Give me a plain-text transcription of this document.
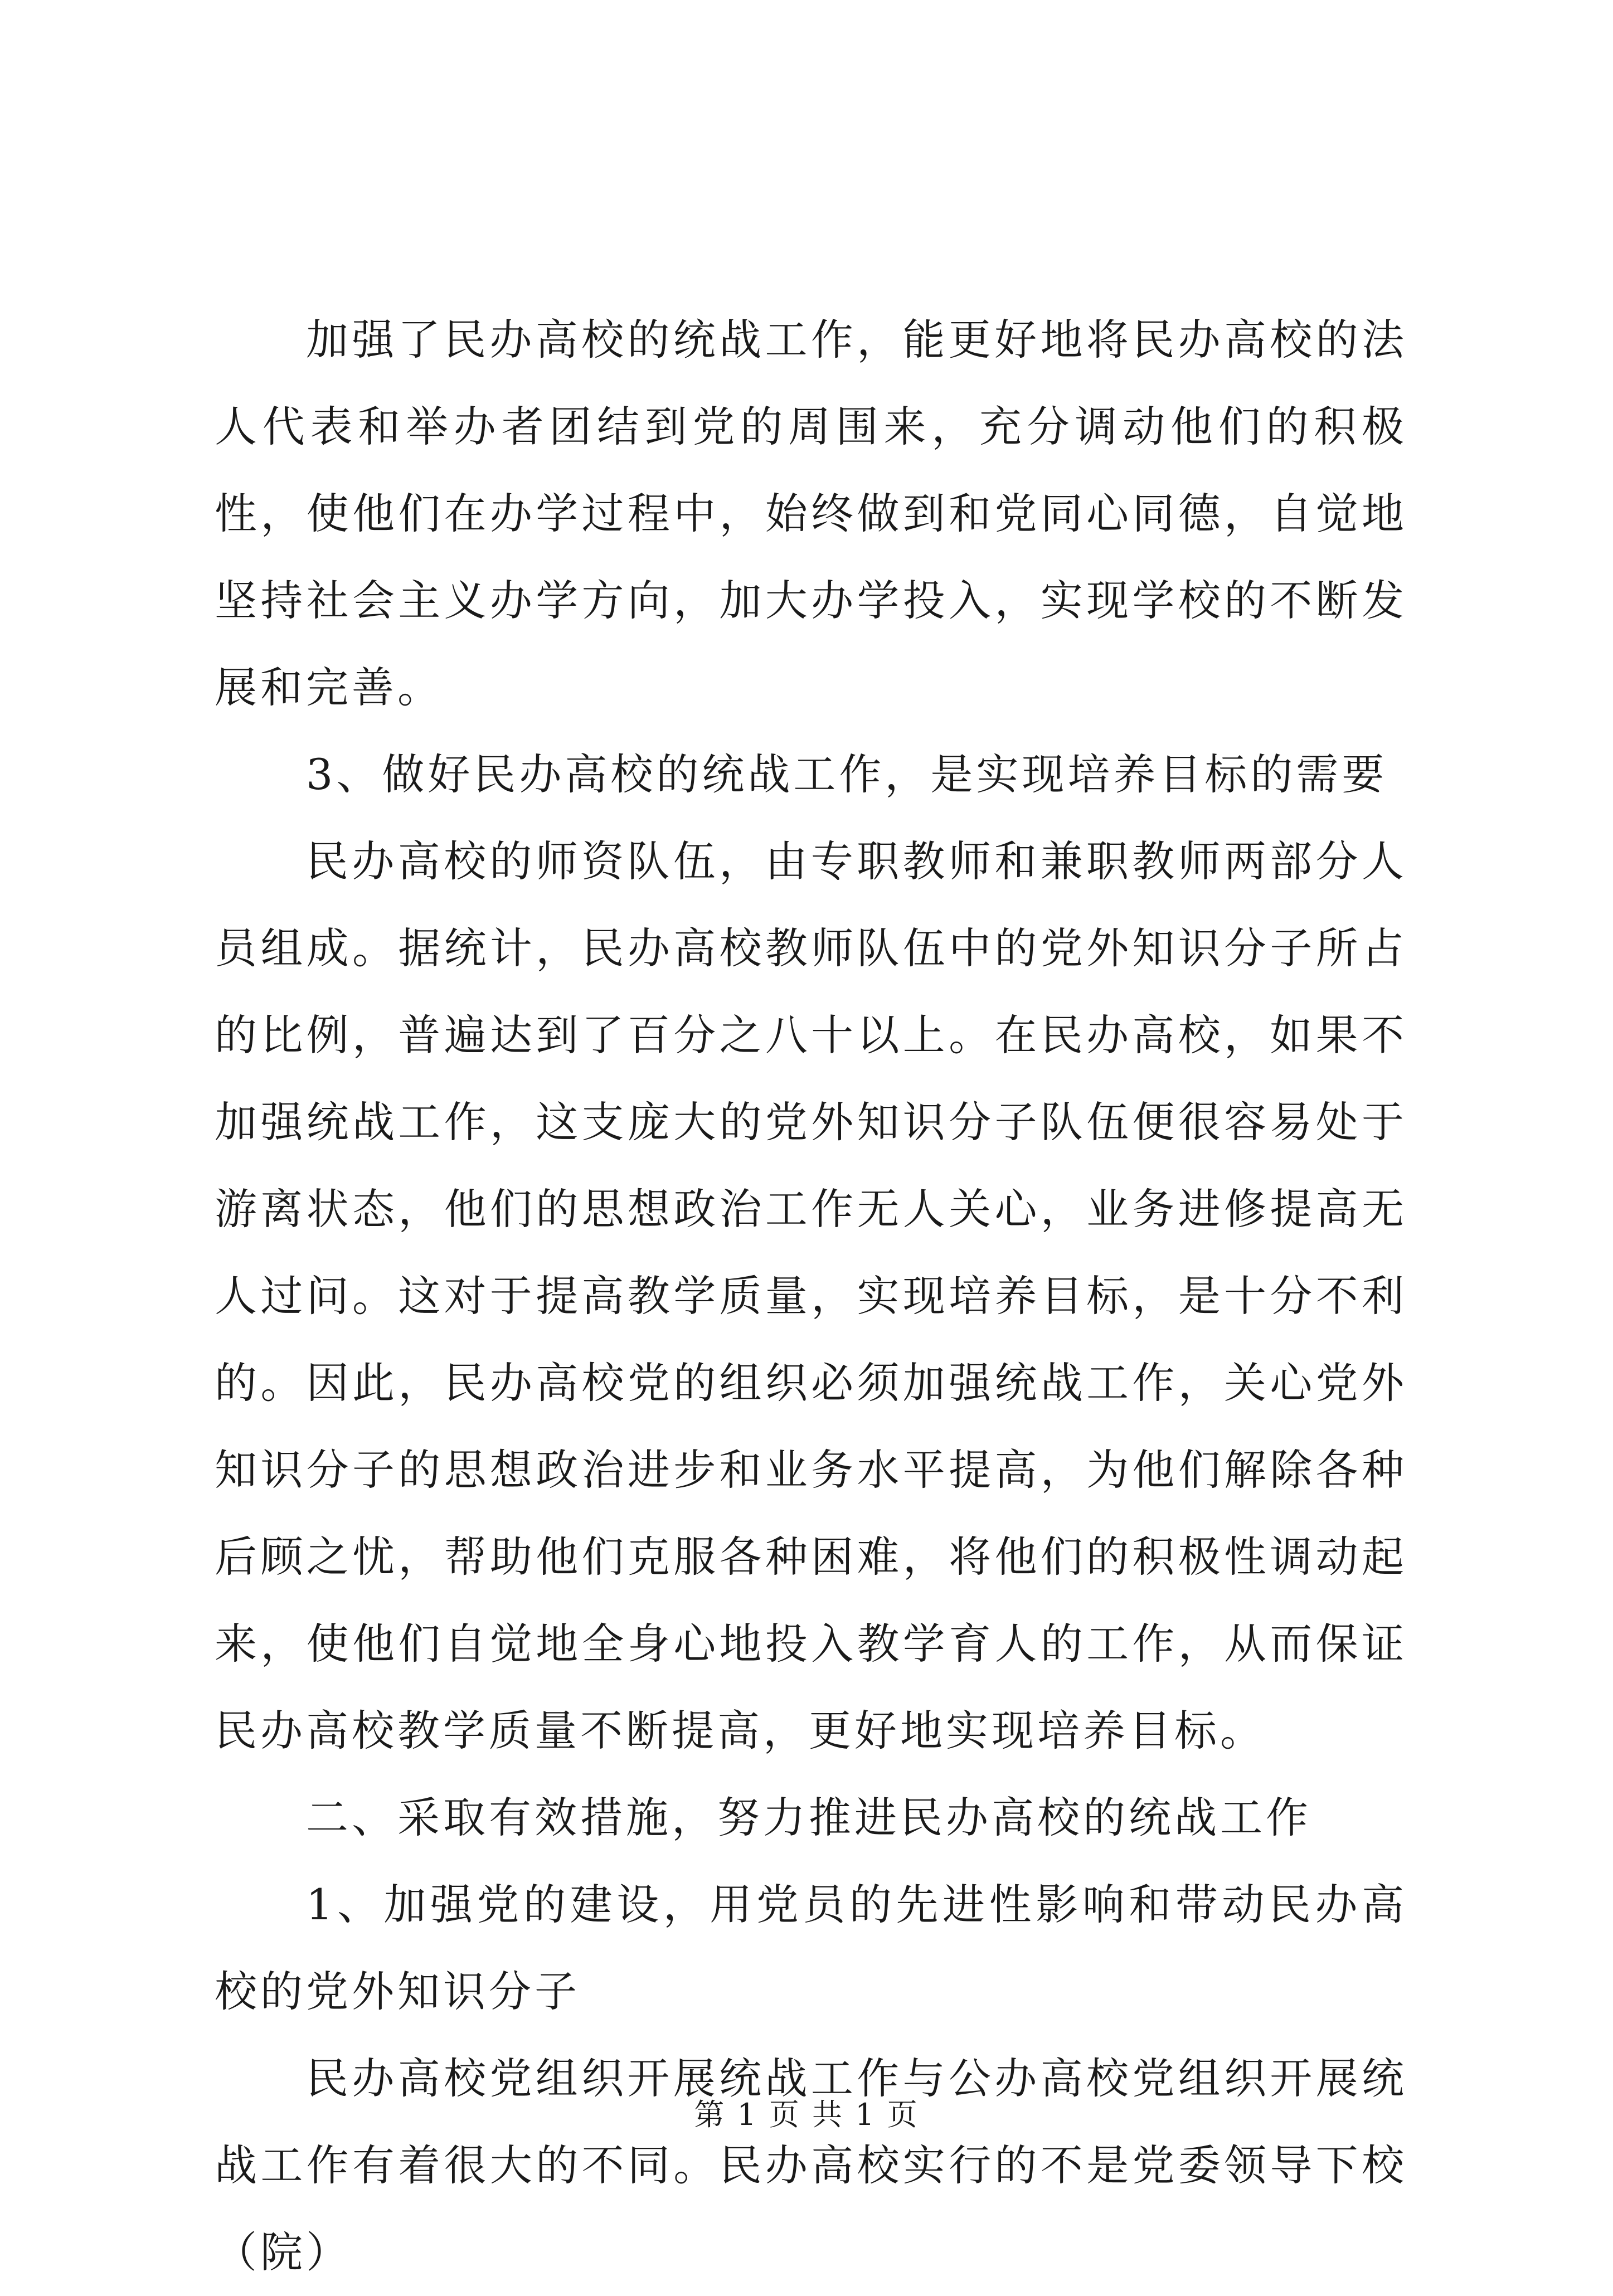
加强了民办高校的统战工作，能更好地将民办高校的法人代表和举办者团结到党的周围来，充分调动他们的积极性，使他们在办学过程中，始终做到和党同心同德，自觉地坚持社会主义办学方向，加大办学投入，实现学校的不断发展和完善。

3、做好民办高校的统战工作，是实现培养目标的需要

民办高校的师资队伍，由专职教师和兼职教师两部分人员组成。据统计，民办高校教师队伍中的党外知识分子所占的比例，普遍达到了百分之八十以上。在民办高校，如果不加强统战工作，这支庞大的党外知识分子队伍便很容易处于游离状态，他们的思想政治工作无人关心，业务进修提高无人过问。这对于提高教学质量，实现培养目标，是十分不利的。因此，民办高校党的组织必须加强统战工作，关心党外知识分子的思想政治进步和业务水平提高，为他们解除各种后顾之忧，帮助他们克服各种困难，将他们的积极性调动起来，使他们自觉地全身心地投入教学育人的工作，从而保证民办高校教学质量不断提高，更好地实现培养目标。

二、采取有效措施，努力推进民办高校的统战工作

1、加强党的建设，用党员的先进性影响和带动民办高校的党外知识分子

民办高校党组织开展统战工作与公办高校党组织开展统战工作有着很大的不同。民办高校实行的不是党委领导下校（院）

第 1 页 共 1 页
